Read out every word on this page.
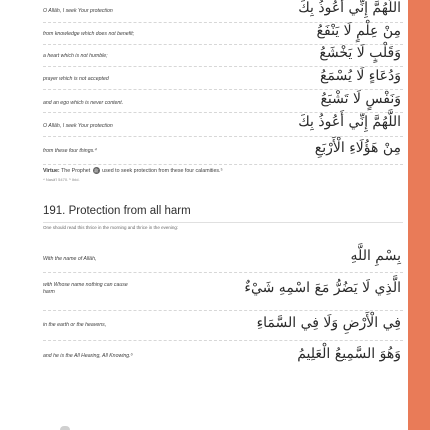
O Allāh, I seek Your protection	اللَّهُمَّ إِنِّي أَعُوذُ بِكَ
from knowledge which does not benefit;	مِنْ عِلْمٍ لَا يَنْفَعُ
a heart which is not humble;	وَقَلْبٍ لَا يَخْشَعُ
prayer which is not accepted	وَدُعَاءٍ لَا يُسْمَعُ
and an ego which is never content.	وَنَفْسٍ لَا تَشْبَعُ
O Allāh, I seek Your protection	اللَّهُمَّ إِنِّي أَعُوذُ بِكَ
from these four things.⁴	مِنْ هَؤُلَاءِ الْأَرْبَعِ
Virtue: The Prophet ﷺ used to seek protection from these four calamities.⁵
⁴ Nasā'ī 5470. ⁵ Ibid.
191. Protection from all harm
One should read this thrice in the morning and thrice in the evening:
With the name of Allāh,	بِسْمِ اللَّهِ
with Whose name nothing can cause
harm	الَّذِي لَا يَضُرُّ مَعَ اسْمِهِ شَيْءٌ
in the earth or the heavens,	فِي الْأَرْضِ وَلَا فِي السَّمَاءِ
and he is the All Hearing, All Knowing.⁶	وَهُوَ السَّمِيعُ الْعَلِيمُ
